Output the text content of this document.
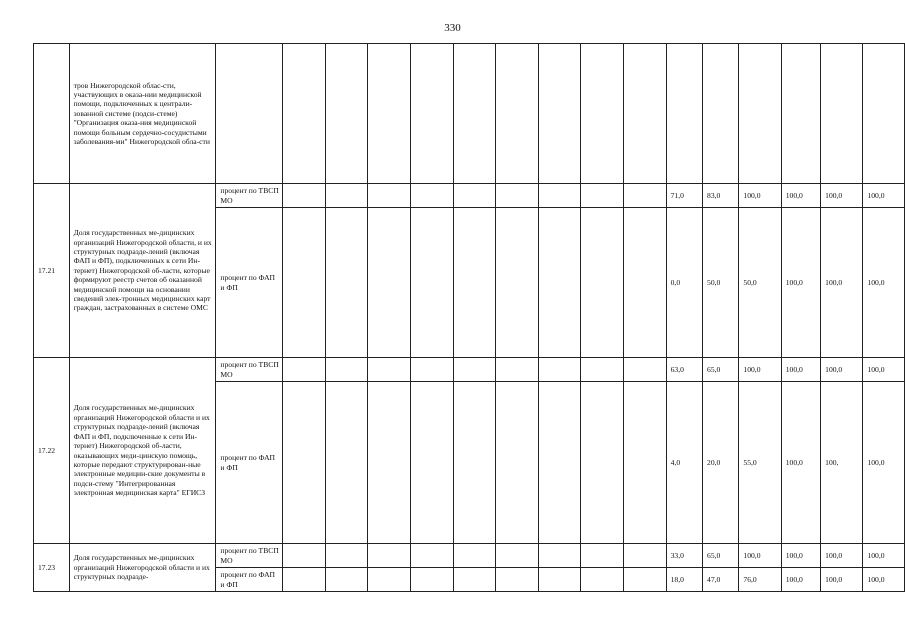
330
	тров Нижегородской облас-сти, участвующих в оказа-нии медицинской помощи, подключенных к централи-зованной системе (подси-стеме) "Организация оказа-ния медицинской помощи больным сердечно-сосудистыми заболевания-ми" Нижегородской обла-сти																
17.21	Доля государственных ме-дицинских организаций Нижегородской области, и их структурных подразде-лений (включая ФАП и ФП), подключенных к сети Ин-тернет) Нижегородской об-ласти, которые формируют реестр счетов об оказанной медицинской помощи на основании сведений элек-тронных медицинских карт граждан, застрахованных в системе ОМС	процент по ТВСП МО										71,0	83,0	100,0	100,0	100,0	100,0
		процент по ФАП и ФП										0,0	50,0	50,0	100,0	100,0	100,0
17.22	Доля государственных ме-дицинских организаций Нижегородской области и их структурных подразде-лений (включая ФАП и ФП, подключенные к сети Ин-тернет) Нижегородской об-ласти, оказывающих меди-цинскую помощь, которые передают структурирован-ные электронные медицин-ские документы в подси-стему "Интегрированная электронная медицинская карта" ЕГИСЗ	процент по ТВСП МО										63,0	65,0	100,0	100,0	100,0	100,0
		процент по ФАП и ФП										4,0	20,0	55,0	100,0	100,	100,0
17.23	Доля государственных ме-дицинских организаций Нижегородской области и их структурных подразде-	процент по ТВСП МО										33,0	65,0	100,0	100,0	100,0	100,0
		процент по ФАП и ФП										18,0	47,0	76,0	100,0	100,0	100,0
